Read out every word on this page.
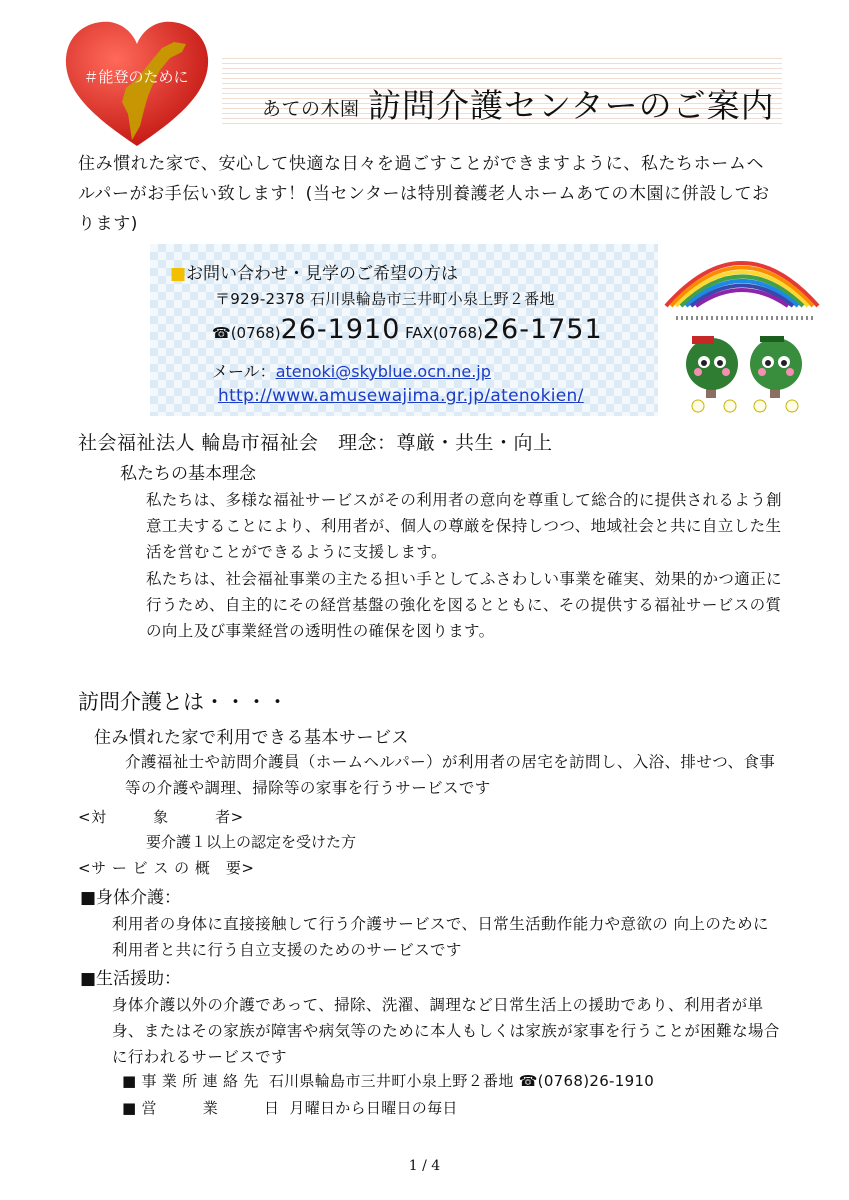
＃能登のために
あての木園 訪問介護センターのご案内
住み慣れた家で、安心して快適な日々を過ごすことができますように、私たちホームヘルパーがお手伝い致します！(当センターは特別養護老人ホームあての木園に併設しております)
■お問い合わせ・見学のご希望の方は
〒929-2378 石川県輪島市三井町小泉上野２番地
☎(0768)26-1910 FAX(0768)26-1751
メール：atenoki@skyblue.ocn.ne.jp
http://www.amusewajima.gr.jp/atenokien/
社会福祉法人 輪島市福祉会　理念：尊厳・共生・向上
私たちの基本理念
私たちは、多様な福祉サービスがその利用者の意向を尊重して総合的に提供されるよう創意工夫することにより、利用者が、個人の尊厳を保持しつつ、地域社会と共に自立した生活を営むことができるように支援します。
私たちは、社会福祉事業の主たる担い手としてふさわしい事業を確実、効果的かつ適正に行うため、自主的にその経営基盤の強化を図るとともに、その提供する福祉サービスの質の向上及び事業経営の透明性の確保を図ります。
訪問介護とは・・・・
住み慣れた家で利用できる基本サービス
介護福祉士や訪問介護員（ホームヘルパー）が利用者の居宅を訪問し、入浴、排せつ、食事等の介護や調理、掃除等の家事を行うサービスです
<対　　　象　　　者>
要介護１以上の認定を受けた方
<サ ー ビ ス の 概　要>
■身体介護：
利用者の身体に直接接触して行う介護サービスで、日常生活動作能力や意欲の 向上のために利用者と共に行う自立支援のためのサービスです
■生活援助：
身体介護以外の介護であって、掃除、洗濯、調理など日常生活上の援助であり、利用者が単身、またはその家族が障害や病気等のために本人もしくは家族が家事を行うことが困難な場合に行われるサービスです
■ 事 業 所 連 絡 先 石川県輪島市三井町小泉上野２番地 ☎(0768)26-1910
■ 営　　　業　　　日 月曜日から日曜日の毎日
1 / 4
